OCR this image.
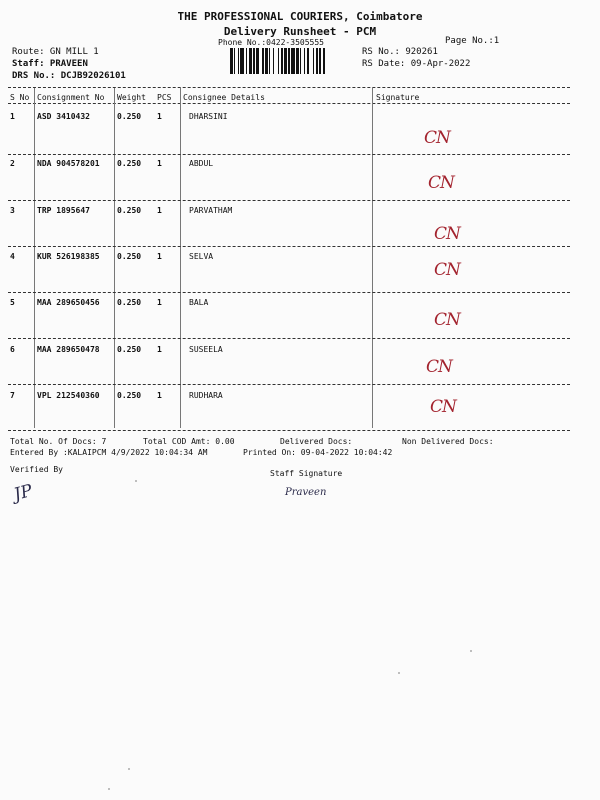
THE PROFESSIONAL COURIERS, Coimbatore
Delivery Runsheet - PCM
Phone No.:0422-3505555	Page No.:1
Route: GN MILL 1
Staff: PRAVEEN
DRS No.: DCJB92026101
RS No.: 920261
RS Date: 09-Apr-2022
S No Consignment No Weight PCS Consignee Details	Signature
1	ASD 3410432	0.250 1	DHARSINI
CN
2	NDA 904578201 0.250 1	ABDUL
CN
3	TRP 1895647	0.250 1	PARVATHAM
CN
4	KUR 526198385 0.250 1	SELVA
CN
5	MAA 289650456 0.250 1	BALA
CN
6	MAA 289650478 0.250 1	SUSEELA
CN
7	VPL 212540360 0.250 1	RUDHARA
CN
Total No. Of Docs: 7	Total COD Amt: 0.00	Delivered Docs:	Non Delivered Docs:
Entered By :KALAIPCM 4/9/2022 10:04:34 AM	Printed On: 09-04-2022 10:04:42
Verified By	Staff Signature
JP	Praveen
